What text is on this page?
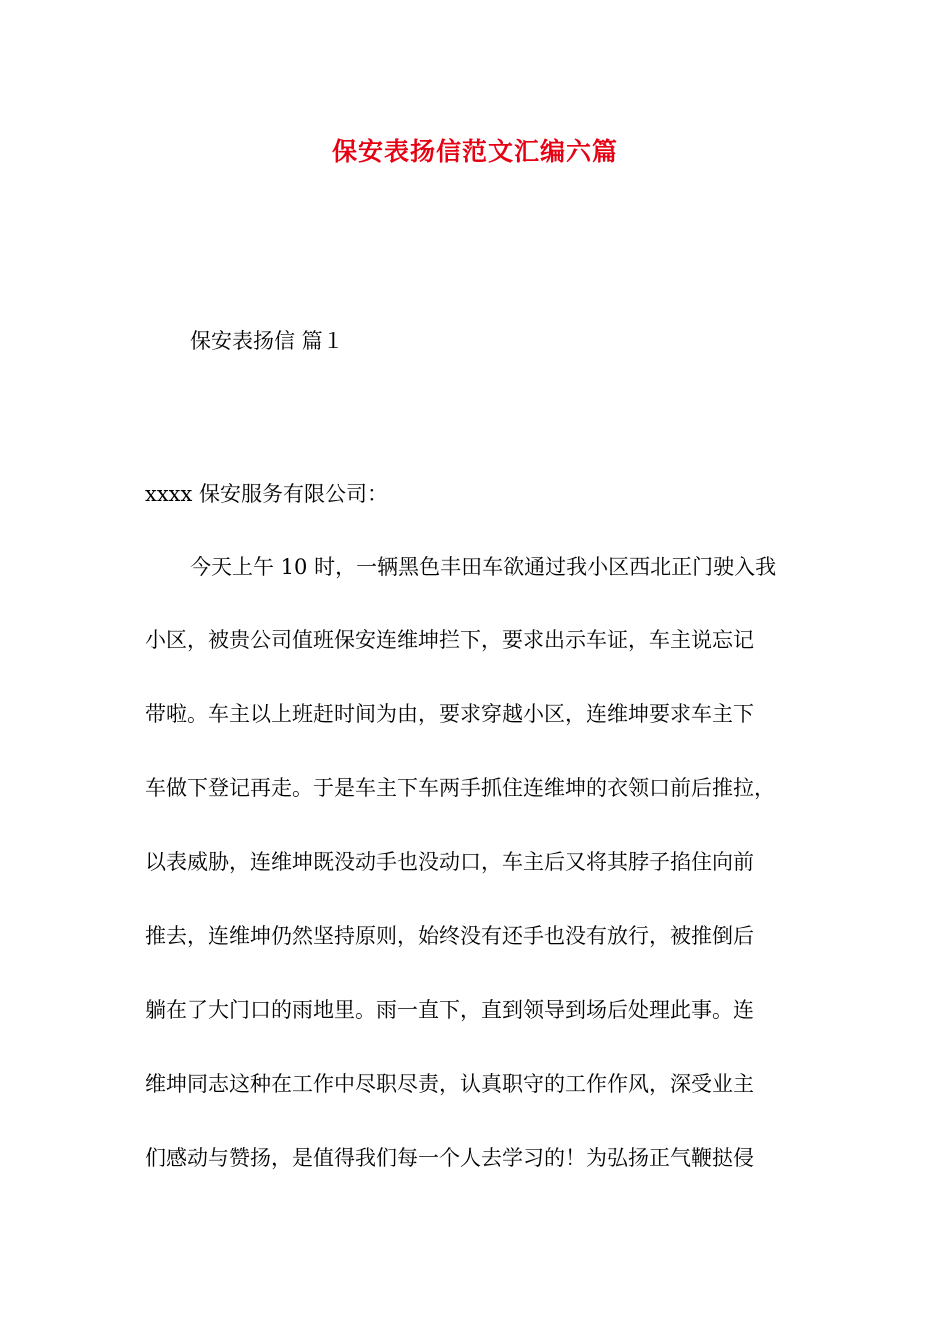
保安表扬信范文汇编六篇
保安表扬信 篇１
xxxx 保安服务有限公司：
今天上午 10 时，一辆黑色丰田车欲通过我小区西北正门驶入我
小区，被贵公司值班保安连维坤拦下，要求出示车证，车主说忘记
带啦。车主以上班赶时间为由，要求穿越小区，连维坤要求车主下
车做下登记再走。于是车主下车两手抓住连维坤的衣领口前后推拉，
以表威胁，连维坤既没动手也没动口，车主后又将其脖子掐住向前
推去，连维坤仍然坚持原则，始终没有还手也没有放行，被推倒后
躺在了大门口的雨地里。雨一直下，直到领导到场后处理此事。连
维坤同志这种在工作中尽职尽责，认真职守的工作作风，深受业主
们感动与赞扬，是值得我们每一个人去学习的！为弘扬正气鞭挞侵
